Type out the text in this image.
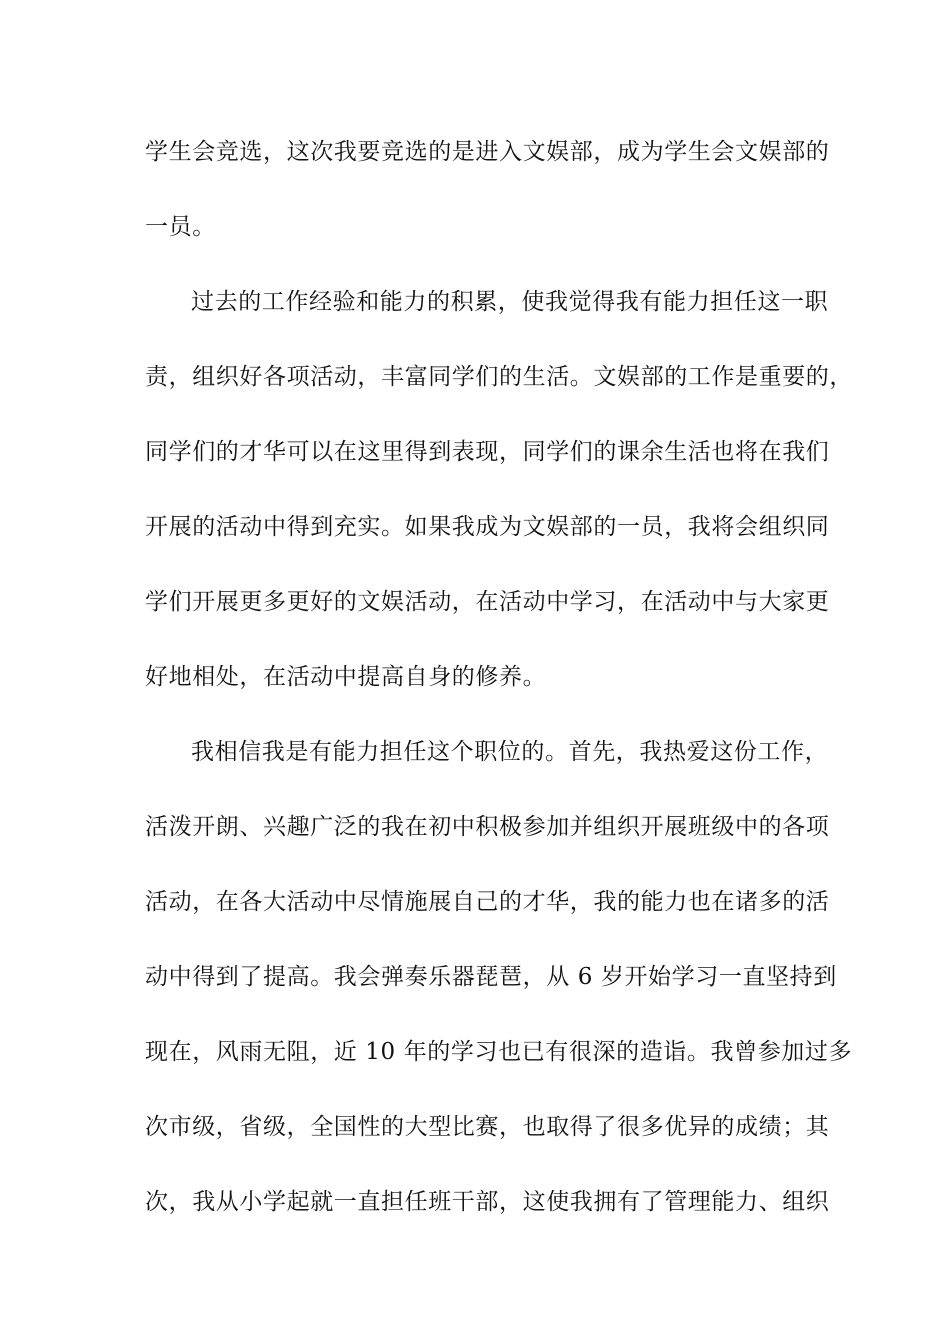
学生会竞选，这次我要竞选的是进入文娱部，成为学生会文娱部的
一员。
过去的工作经验和能力的积累，使我觉得我有能力担任这一职
责，组织好各项活动，丰富同学们的生活。文娱部的工作是重要的，
同学们的才华可以在这里得到表现，同学们的课余生活也将在我们
开展的活动中得到充实。如果我成为文娱部的一员，我将会组织同
学们开展更多更好的文娱活动，在活动中学习，在活动中与大家更
好地相处，在活动中提高自身的修养。
我相信我是有能力担任这个职位的。首先，我热爱这份工作，
活泼开朗、兴趣广泛的我在初中积极参加并组织开展班级中的各项
活动，在各大活动中尽情施展自己的才华，我的能力也在诸多的活
动中得到了提高。我会弹奏乐器琵琶，从 6 岁开始学习一直坚持到
现在，风雨无阻，近 10 年的学习也已有很深的造诣。我曾参加过多
次市级，省级，全国性的大型比赛，也取得了很多优异的成绩；其
次，我从小学起就一直担任班干部，这使我拥有了管理能力、组织
